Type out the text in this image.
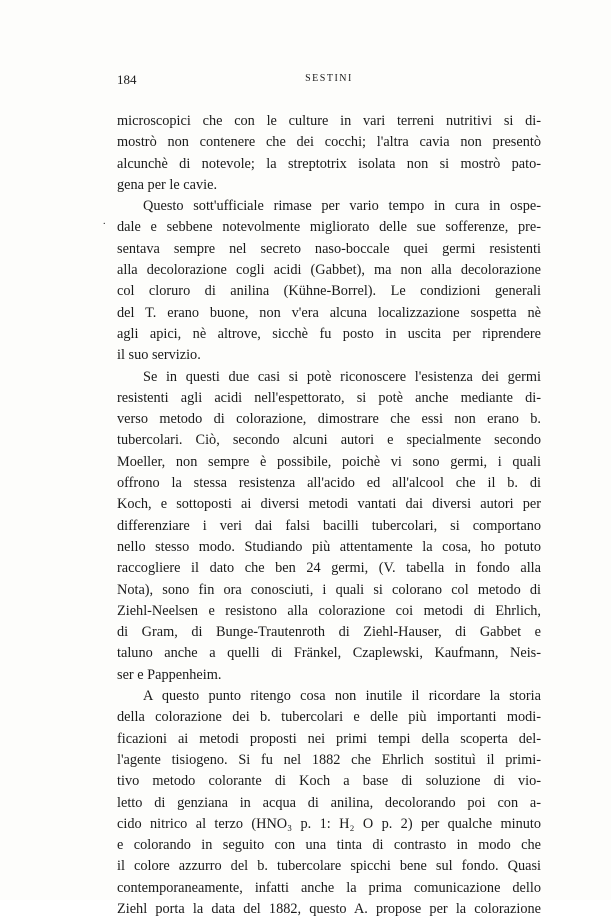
184	SESTINI
.
microscopici che con le culture in vari terreni nutritivi si di-
mostrò non contenere che dei cocchi; l'altra cavia non presentò
alcunchè di notevole; la streptotrix isolata non si mostrò pato-
gena per le cavie.
Questo sott'ufficiale rimase per vario tempo in cura in ospe-
dale e sebbene notevolmente migliorato delle sue sofferenze, pre-
sentava sempre nel secreto naso-boccale quei germi resistenti
alla decolorazione cogli acidi (Gabbet), ma non alla decolorazione
col cloruro di anilina (Kühne-Borrel). Le condizioni generali
del T. erano buone, non v'era alcuna localizzazione sospetta nè
agli apici, nè altrove, sicchè fu posto in uscita per riprendere
il suo servizio.
Se in questi due casi si potè riconoscere l'esistenza dei germi
resistenti agli acidi nell'espettorato, si potè anche mediante di-
verso metodo di colorazione, dimostrare che essi non erano b.
tubercolari. Ciò, secondo alcuni autori e specialmente secondo
Moeller, non sempre è possibile, poichè vi sono germi, i quali
offrono la stessa resistenza all'acido ed all'alcool che il b. di
Koch, e sottoposti ai diversi metodi vantati dai diversi autori per
differenziare i veri dai falsi bacilli tubercolari, si comportano
nello stesso modo. Studiando più attentamente la cosa, ho potuto
raccogliere il dato che ben 24 germi, (V. tabella in fondo alla
Nota), sono fin ora conosciuti, i quali si colorano col metodo di
Ziehl-Neelsen e resistono alla colorazione coi metodi di Ehrlich,
di Gram, di Bunge-Trautenroth di Ziehl-Hauser, di Gabbet e
taluno anche a quelli di Fränkel, Czaplewski, Kaufmann, Neis-
ser e Pappenheim.
A questo punto ritengo cosa non inutile il ricordare la storia
della colorazione dei b. tubercolari e delle più importanti modi-
ficazioni ai metodi proposti nei primi tempi della scoperta del-
l'agente tisiogeno. Si fu nel 1882 che Ehrlich sostituì il primi-
tivo metodo colorante di Koch a base di soluzione di vio-
letto di genziana in acqua di anilina, decolorando poi con a-
cido nitrico al terzo (HNO₃ p. 1: H₂ O p. 2) per qualche minuto
e colorando in seguito con una tinta di contrasto in modo che
il colore azzurro del b. tubercolare spicchi bene sul fondo. Quasi
contemporaneamente, infatti anche la prima comunicazione dello
Ziehl porta la data del 1882, questo A. propose per la colorazione
